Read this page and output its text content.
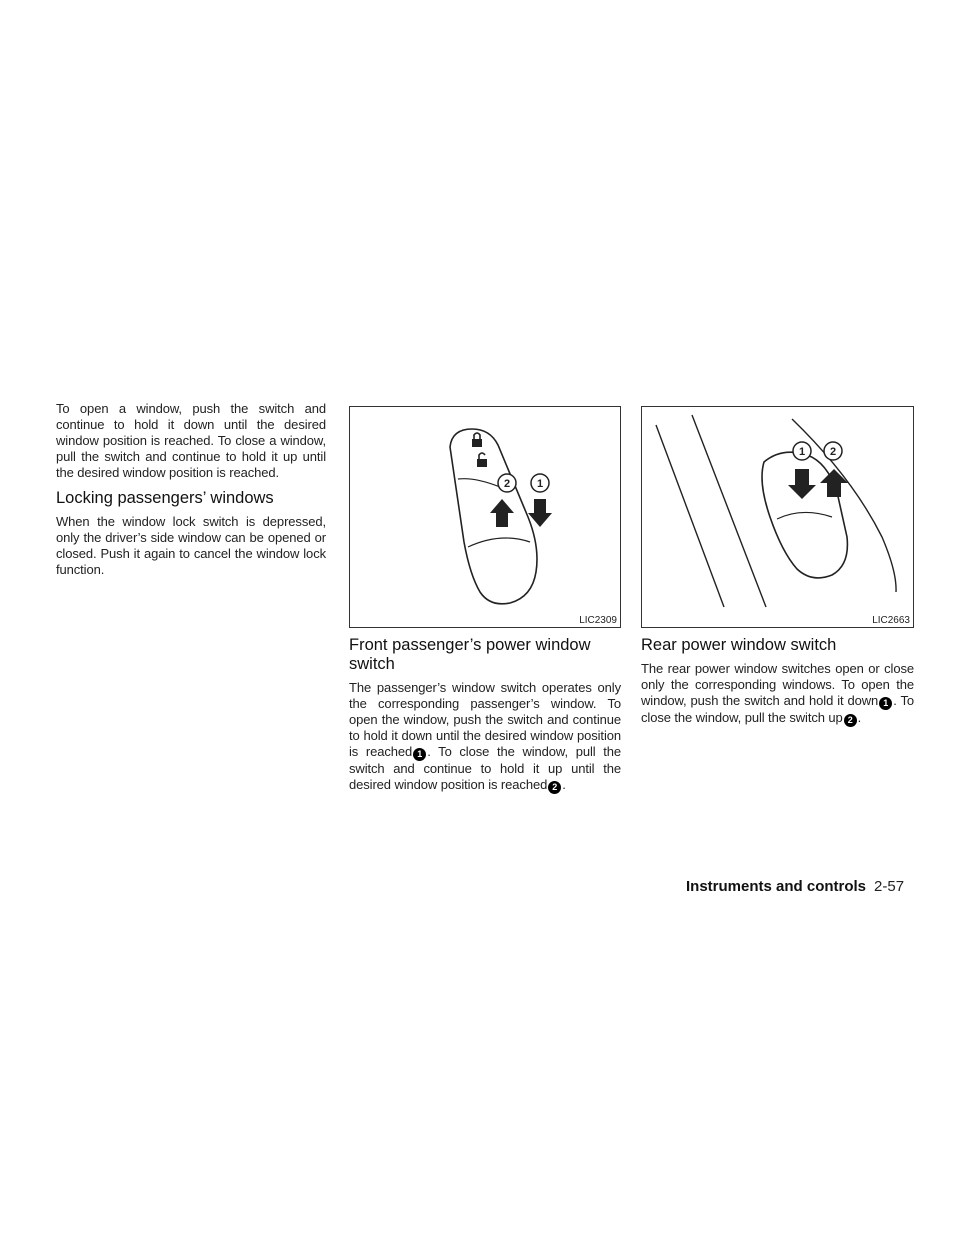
To open a window, push the switch and continue to hold it down until the desired window position is reached. To close a window, pull the switch and continue to hold it up until the desired window position is reached.

Locking passengers’ windows

When the window lock switch is depressed, only the driver’s side window can be opened or closed. Push it again to cancel the window lock function.

2 1
LIC2309
Front passenger’s power window switch

The passenger’s window switch operates only the corresponding passenger’s window. To open the window, push the switch and continue to hold it down until the desired window position is reached 1 . To close the window, pull the switch and continue to hold it up until the desired window position is reached 2 .

1 2
LIC2663
Rear power window switch

The rear power window switches open or close only the corresponding windows. To open the window, push the switch and hold it down 1 . To close the window, pull the switch up 2 .

Instruments and controls 2-57
